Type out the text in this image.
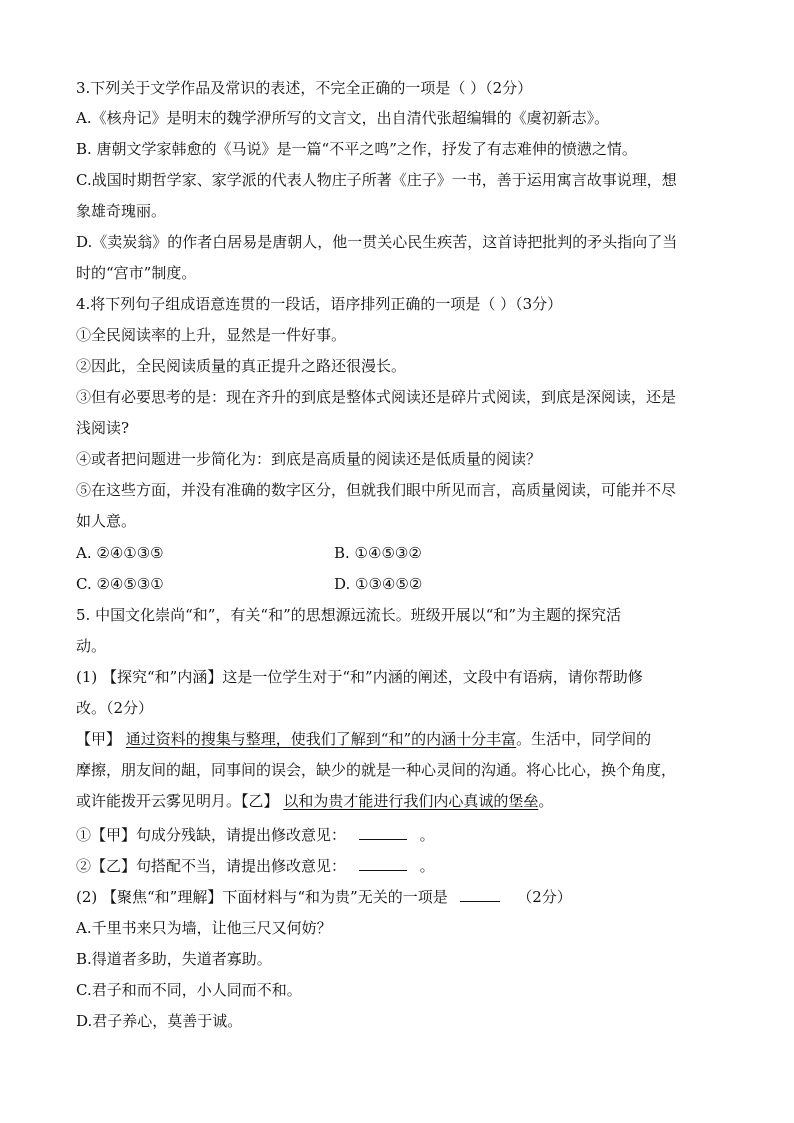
3.下列关于文学作品及常识的表述，不完全正确的一项是（ ）（2分）
A.《核舟记》是明末的魏学洢所写的文言文，出自清代张超编辑的《虞初新志》。
B. 唐朝文学家韩愈的《马说》是一篇“不平之鸣”之作，抒发了有志难伸的愤懑之情。
C.战国时期哲学家、家学派的代表人物庄子所著《庄子》一书，善于运用寓言故事说理，想
象雄奇瑰丽。
D.《卖炭翁》的作者白居易是唐朝人，他一贯关心民生疾苦，这首诗把批判的矛头指向了当
时的“宫市”制度。
4.将下列句子组成语意连贯的一段话，语序排列正确的一项是（ ）（3分）
①全民阅读率的上升，显然是一件好事。
②因此，全民阅读质量的真正提升之路还很漫长。
③但有必要思考的是：现在齐升的到底是整体式阅读还是碎片式阅读，到底是深阅读，还是
浅阅读?
④或者把问题进一步简化为：到底是高质量的阅读还是低质量的阅读？
⑤在这些方面，并没有准确的数字区分，但就我们眼中所见而言，高质量阅读，可能并不尽
如人意。
A. ②④①③⑤	B. ①④⑤③②
C. ②④⑤③①	D. ①③④⑤②
5. 中国文化崇尚“和”，有关“和”的思想源远流长。班级开展以“和”为主题的探究活
动。
(1) 【探究“和”内涵】这是一位学生对于“和”内涵的阐述，文段中有语病，请你帮助修
改。（2分）
【甲】 通过资料的搜集与整理，使我们了解到“和”的内涵十分丰富。生活中，同学间的
摩擦，朋友间的龃，同事间的误会，缺少的就是一种心灵间的沟通。将心比心，换个角度，
或许能拨开云雾见明月。【乙】 以和为贵才能进行我们内心真诚的堡垒。
①【甲】句成分残缺，请提出修改意见：	。
②【乙】句搭配不当，请提出修改意见：	。
(2) 【聚焦“和”理解】下面材料与“和为贵”无关的一项是	（2分）
A.千里书来只为墙，让他三尺又何妨？
B.得道者多助，失道者寡助。
C.君子和而不同，小人同而不和。
D.君子养心，莫善于诚。
